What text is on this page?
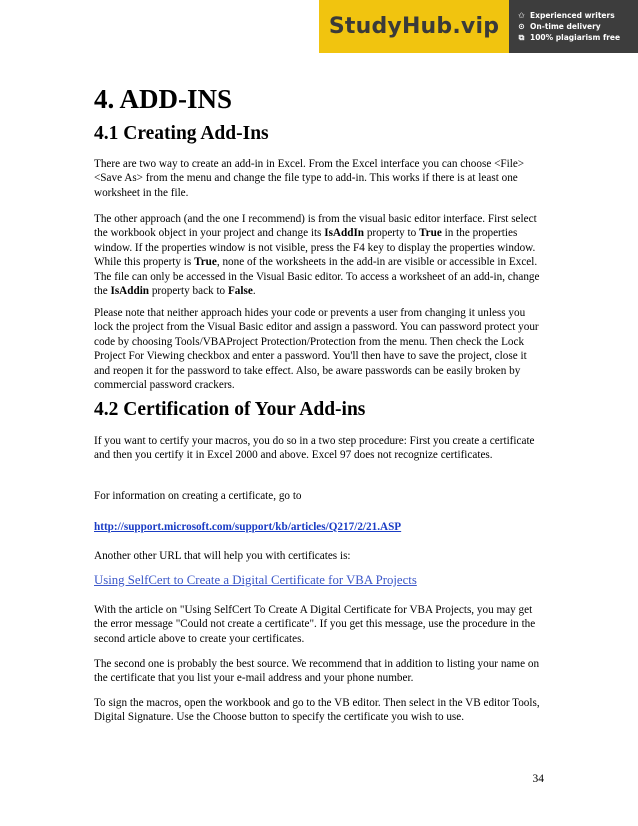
StudyHub.vip ✩ Experienced writers
⊙ On-time delivery
⧉ 100% plagiarism free
4. ADD-INS
4.1 Creating Add-Ins

There are two way to create an add-in in Excel. From the Excel interface you can choose <File><Save As> from the menu and change the file type to add-in. This works if there is at least one worksheet in the file.

The other approach (and the one I recommend) is from the visual basic editor interface. First select the workbook object in your project and change its IsAddIn property to True in the properties window. If the properties window is not visible, press the F4 key to display the properties window. While this property is True, none of the worksheets in the add-in are visible or accessible in Excel. The file can only be accessed in the Visual Basic editor. To access a worksheet of an add-in, change the IsAddin property back to False.

Please note that neither approach hides your code or prevents a user from changing it unless you lock the project from the Visual Basic editor and assign a password. You can password protect your code by choosing Tools/VBAProject Protection/Protection from the menu. Then check the Lock Project For Viewing checkbox and enter a password. You'll then have to save the project, close it and reopen it for the password to take effect. Also, be aware passwords can be easily broken by commercial password crackers.

4.2 Certification of Your Add-ins

If you want to certify your macros, you do so in a two step procedure: First you create a certificate and then you certify it in Excel 2000 and above. Excel 97 does not recognize certificates.

For information on creating a certificate, go to

http://support.microsoft.com/support/kb/articles/Q217/2/21.ASP

Another other URL that will help you with certificates is:

Using SelfCert to Create a Digital Certificate for VBA Projects

With the article on "Using SelfCert To Create A Digital Certificate for VBA Projects, you may get the error message "Could not create a certificate". If you get this message, use the procedure in the second article above to create your certificates.

The second one is probably the best source. We recommend that in addition to listing your name on the certificate that you list your e-mail address and your phone number.

To sign the macros, open the workbook and go to the VB editor. Then select in the VB editor Tools, Digital Signature. Use the Choose button to specify the certificate you wish to use.

34
